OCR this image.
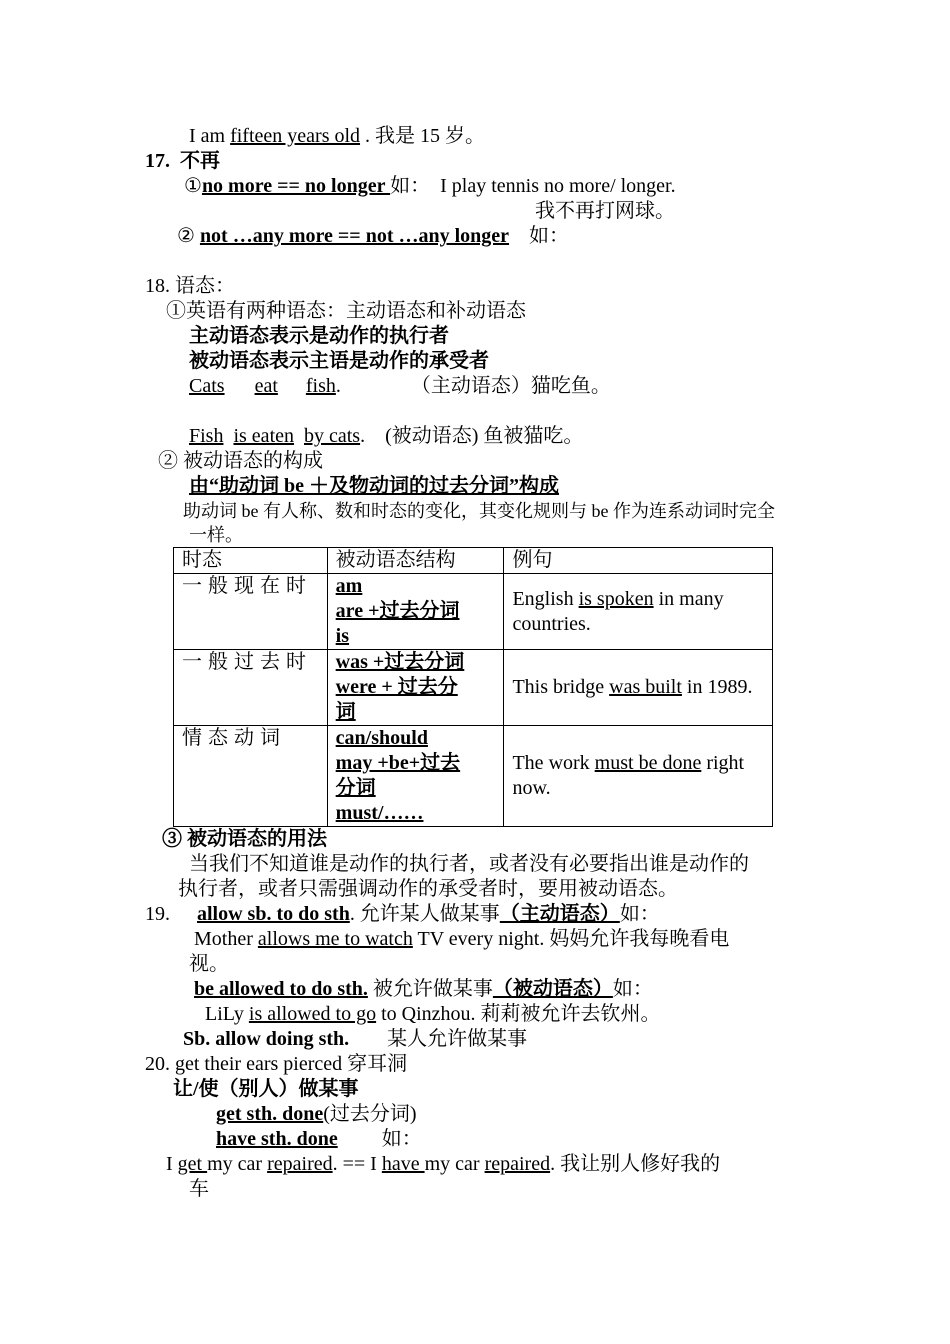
I am fifteen years old . 我是 15 岁。
17. 不再
①no more == no longer 如： I play tennis no more/ longer.
我不再打网球。
② not …any more == not …any longer 如：
18. 语态：
①英语有两种语态：主动语态和补动语态
主动语态表示是动作的执行者
被动语态表示主语是动作的承受者
Cats eat fish.	（主动语态）猫吃鱼。
Fish is eaten by cats. (被动语态) 鱼被猫吃。
② 被动语态的构成
由“助动词 be ＋及物动词的过去分词”构成
助动词 be 有人称、数和时态的变化，其变化规则与 be 作为连系动词时完全
一样。
时态	被动语态结构	例句
一般现在时	am
are +过去分词
is	English is spoken in many countries.
一般过去时	was +过去分词
were + 过去分
词	This bridge was built in 1989.
情态动词	can/should
may +be+过去
分词
must/……	The work must be done right now.
③ 被动语态的用法
当我们不知道谁是动作的执行者，或者没有必要指出谁是动作的
执行者，或者只需强调动作的承受者时，要用被动语态。
19. allow sb. to do sth. 允许某人做某事（主动语态）如：
Mother allows me to watch TV every night. 妈妈允许我每晚看电
视。
be allowed to do sth. 被允许做某事（被动语态）如：
LiLy is allowed to go to Qinzhou. 莉莉被允许去钦州。
Sb. allow doing sth. 某人允许做某事
20. get their ears pierced 穿耳洞
让/使（别人）做某事
get sth. done(过去分词)
have sth. done 如：
I get my car repaired. == I have my car repaired. 我让别人修好我的
车
